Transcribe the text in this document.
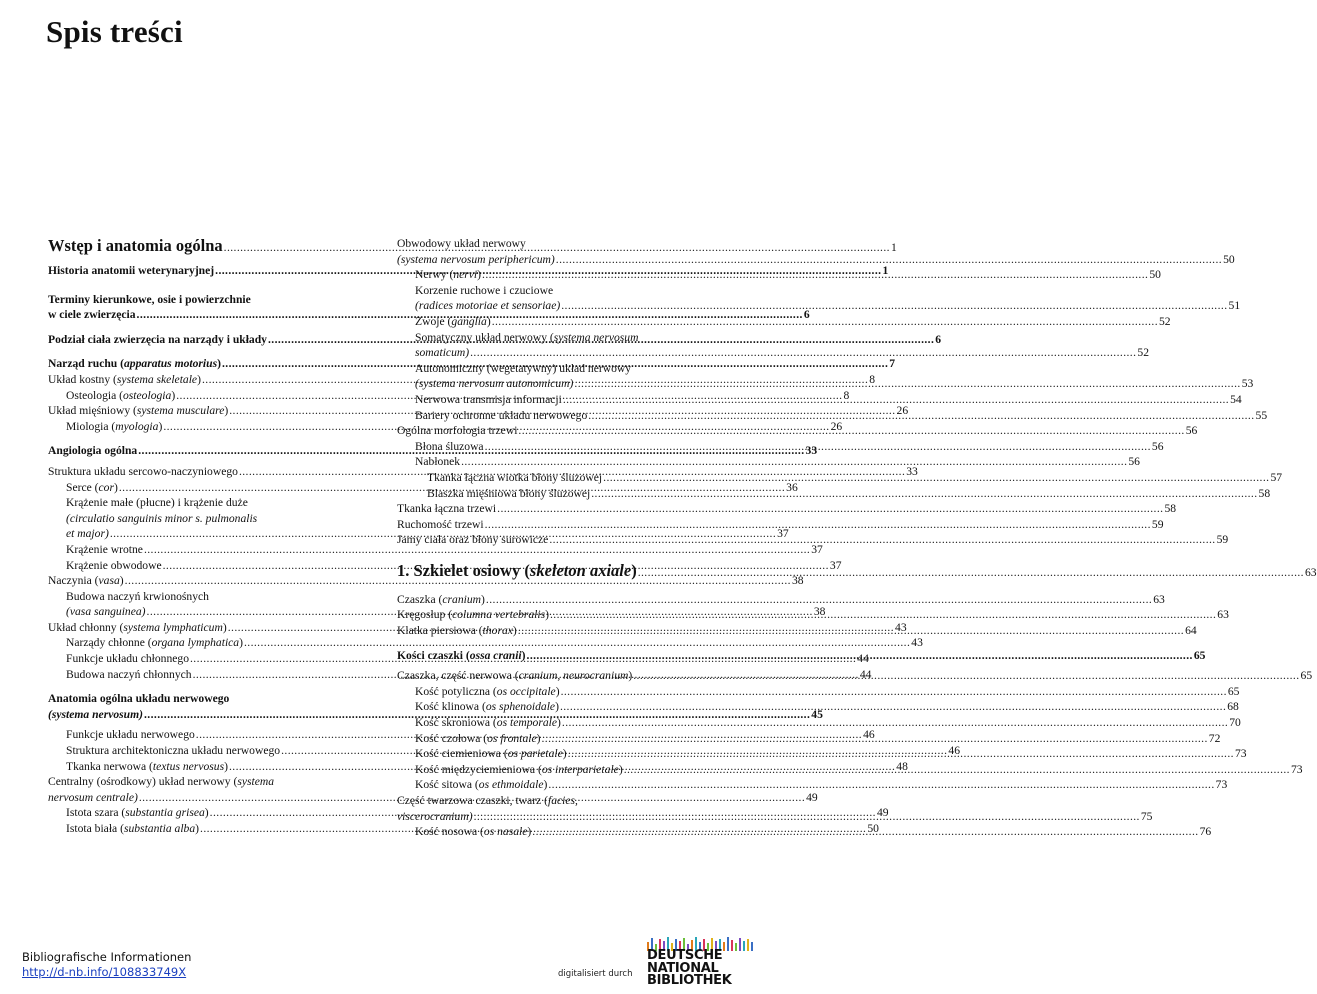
Spis treści
Wstęp i anatomia ogólna .....	1
Historia anatomii weterynaryjnej .....	1
Terminy kierunkowe, osie i powierzchnie
w ciele zwierzęcia .....	6
Podział ciała zwierzęcia na narządy i układy .....	6
Narząd ruchu (apparatus motorius) .....	7
Układ kostny (systema skeletale) .....	8
Osteologia (osteologia) .....	8
Układ mięśniowy (systema musculare) .....	26
Miologia (myologia) .....	26
Angiologia ogólna .....	33
Struktura układu sercowo-naczyniowego .....	33
Serce (cor) .....	36
Krążenie małe (płucne) i krążenie duże
(circulatio sanguinis minor s. pulmonalis
et major) .....	37
Krążenie wrotne .....	37
Krążenie obwodowe .....	37
Naczynia (vasa) .....	38
Budowa naczyń krwionośnych
(vasa sanguinea) .....	38
Układ chłonny (systema lymphaticum) .....	43
Narządy chłonne (organa lymphatica) .....	43
Funkcje układu chłonnego .....	44
Budowa naczyń chłonnych .....	44
Anatomia ogólna układu nerwowego
(systema nervosum) .....	45
Funkcje układu nerwowego .....	46
Struktura architektoniczna układu nerwowego .....	46
Tkanka nerwowa (textus nervosus) .....	48
Centralny (ośrodkowy) układ nerwowy (systema
nervosum centrale) .....	49
Istota szara (substantia grisea) .....	49
Istota biała (substantia alba) .....	50
Obwodowy układ nerwowy
(systema nervosum periphericum) .....	50
Nerwy (nervi) .....	50
Korzenie ruchowe i czuciowe
(radices motoriae et sensoriae) .....	51
Zwoje (ganglia) .....	52
Somatyczny układ nerwowy (systema nervosum
somaticum) .....	52
Autonomiczny (wegetatywny) układ nerwowy
(systema nervosum autonomicum) .....	53
Nerwowa transmisja informacji .....	54
Bariery ochronne układu nerwowego .....	55
Ogólna morfologia trzewi .....	56
Błona śluzowa .....	56
Nabłonek .....	56
Tkanka łączna wiotka błony śluzowej .....	57
Blaszka mięśniowa błony śluzowej .....	58
Tkanka łączna trzewi .....	58
Ruchomość trzewi .....	59
Jamy ciała oraz błony surowicze .....	59
1. Szkielet osiowy (skeleton axiale) .....	63
Czaszka (cranium) .....	63
Kręgosłup (columna vertebralis) .....	63
Klatka piersiowa (thorax) .....	64
Kości czaszki (ossa cranii) .....	65
Czaszka, część nerwowa (cranium, neurocranium) .....	65
Kość potyliczna (os occipitale) .....	65
Kość klinowa (os sphenoidale) .....	68
Kość skroniowa (os temporale) .....	70
Kość czołowa (os frontale) .....	72
Kość ciemieniowa (os parietale) .....	73
Kość międzyciemieniowa (os interparietale) .....	73
Kość sitowa (os ethmoidale) .....	73
Część twarzowa czaszki, twarz (facies,
viscerocranium) .....	75
Kość nosowa (os nasale) .....	76
Bibliografische Informationen
http://d-nb.info/108833749X	digitalisiert durch
DEUTSCHE
NATIONAL
BIBLIOTHEK
